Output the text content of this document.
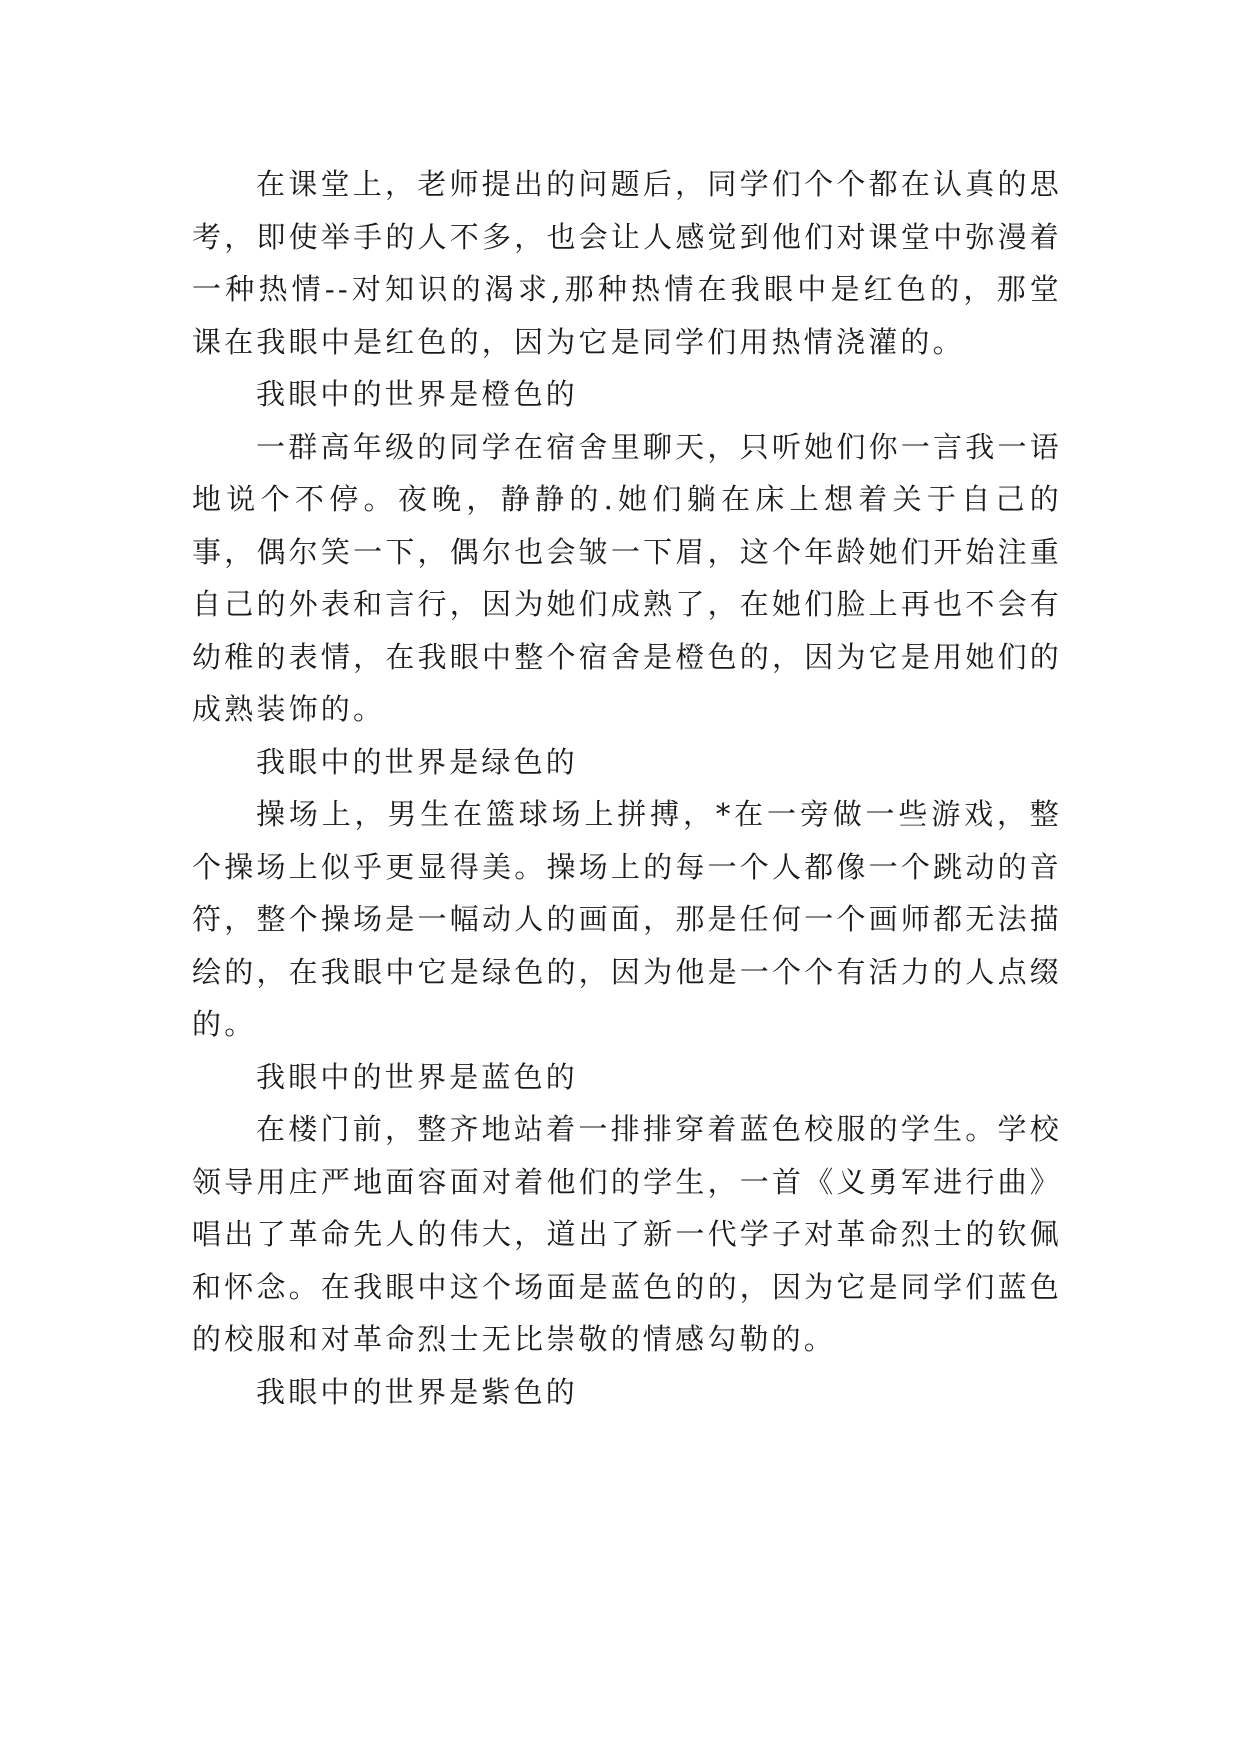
在课堂上，老师提出的问题后，同学们个个都在认真的思考，即使举手的人不多，也会让人感觉到他们对课堂中弥漫着一种热情--对知识的渴求,那种热情在我眼中是红色的，那堂课在我眼中是红色的，因为它是同学们用热情浇灌的。

我眼中的世界是橙色的

一群高年级的同学在宿舍里聊天，只听她们你一言我一语地说个不停。夜晚，静静的.她们躺在床上想着关于自己的事，偶尔笑一下，偶尔也会皱一下眉，这个年龄她们开始注重自己的外表和言行，因为她们成熟了，在她们脸上再也不会有幼稚的表情，在我眼中整个宿舍是橙色的，因为它是用她们的成熟装饰的。

我眼中的世界是绿色的

操场上，男生在篮球场上拼搏，*在一旁做一些游戏，整个操场上似乎更显得美。操场上的每一个人都像一个跳动的音符，整个操场是一幅动人的画面，那是任何一个画师都无法描绘的，在我眼中它是绿色的，因为他是一个个有活力的人点缀的。

我眼中的世界是蓝色的

在楼门前，整齐地站着一排排穿着蓝色校服的学生。学校领导用庄严地面容面对着他们的学生，一首《义勇军进行曲》唱出了革命先人的伟大，道出了新一代学子对革命烈士的钦佩和怀念。在我眼中这个场面是蓝色的的，因为它是同学们蓝色的校服和对革命烈士无比崇敬的情感勾勒的。

我眼中的世界是紫色的
